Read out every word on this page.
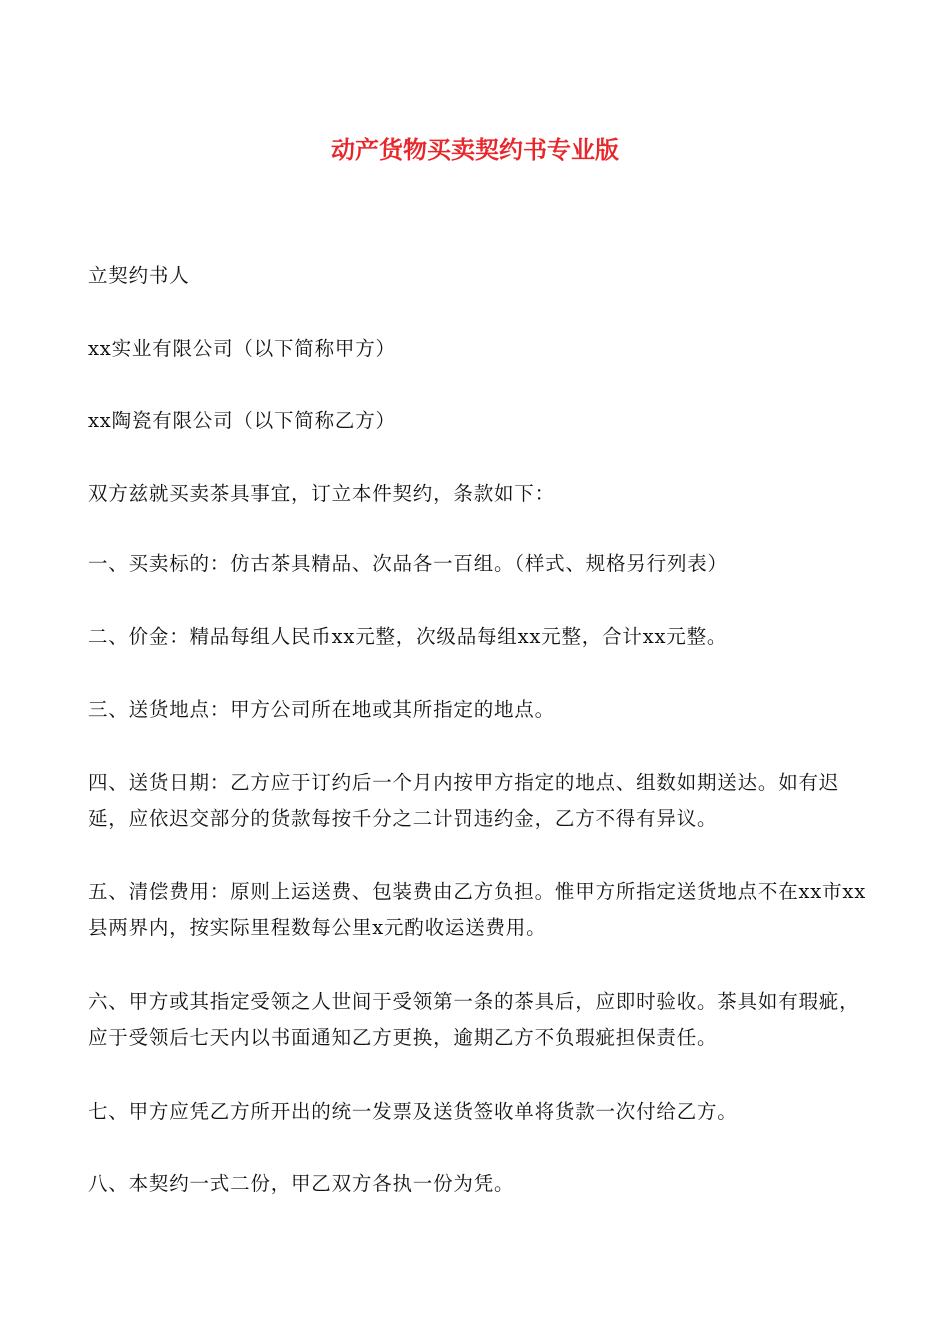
动产货物买卖契约书专业版

立契约书人

xx实业有限公司（以下简称甲方）

xx陶瓷有限公司（以下简称乙方）

双方兹就买卖茶具事宜，订立本件契约，条款如下：

一、买卖标的：仿古茶具精品、次品各一百组。（样式、规格另行列表）

二、价金：精品每组人民币xx元整，次级品每组xx元整，合计xx元整。

三、送货地点：甲方公司所在地或其所指定的地点。

四、送货日期：乙方应于订约后一个月内按甲方指定的地点、组数如期送达。如有迟延，应依迟交部分的货款每按千分之二计罚违约金，乙方不得有异议。

五、清偿费用：原则上运送费、包装费由乙方负担。惟甲方所指定送货地点不在xx市xx县两界内，按实际里程数每公里x元酌收运送费用。

六、甲方或其指定受领之人世间于受领第一条的茶具后，应即时验收。茶具如有瑕疵，应于受领后七天内以书面通知乙方更换，逾期乙方不负瑕疵担保责任。

七、甲方应凭乙方所开出的统一发票及送货签收单将货款一次付给乙方。

八、本契约一式二份，甲乙双方各执一份为凭。
